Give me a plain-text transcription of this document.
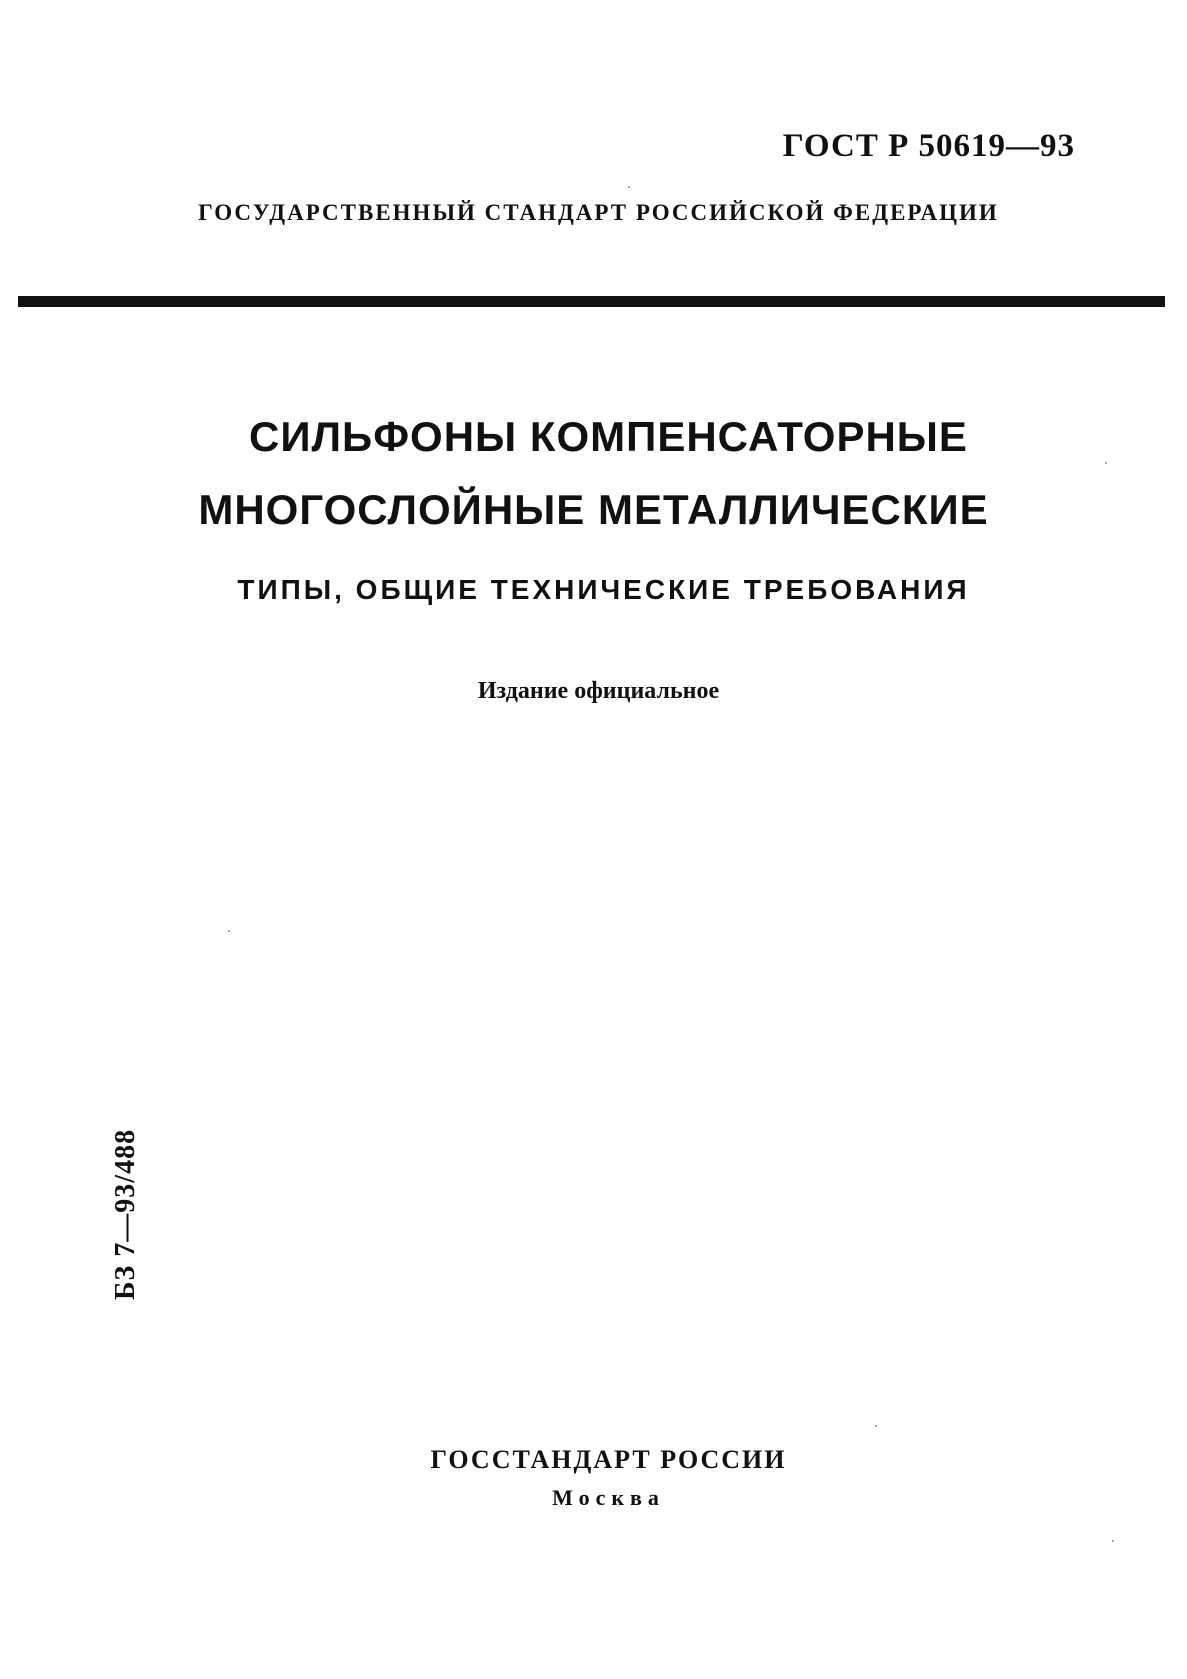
ГОСТ Р 50619—93
ГОСУДАРСТВЕННЫЙ СТАНДАРТ РОССИЙСКОЙ ФЕДЕРАЦИИ
СИЛЬФОНЫ КОМПЕНСАТОРНЫЕ
МНОГОСЛОЙНЫЕ МЕТАЛЛИЧЕСКИЕ
ТИПЫ, ОБЩИЕ ТЕХНИЧЕСКИЕ ТРЕБОВАНИЯ
Издание официальное
БЗ 7—93/488
ГОССТАНДАРТ РОССИИ
Москва
